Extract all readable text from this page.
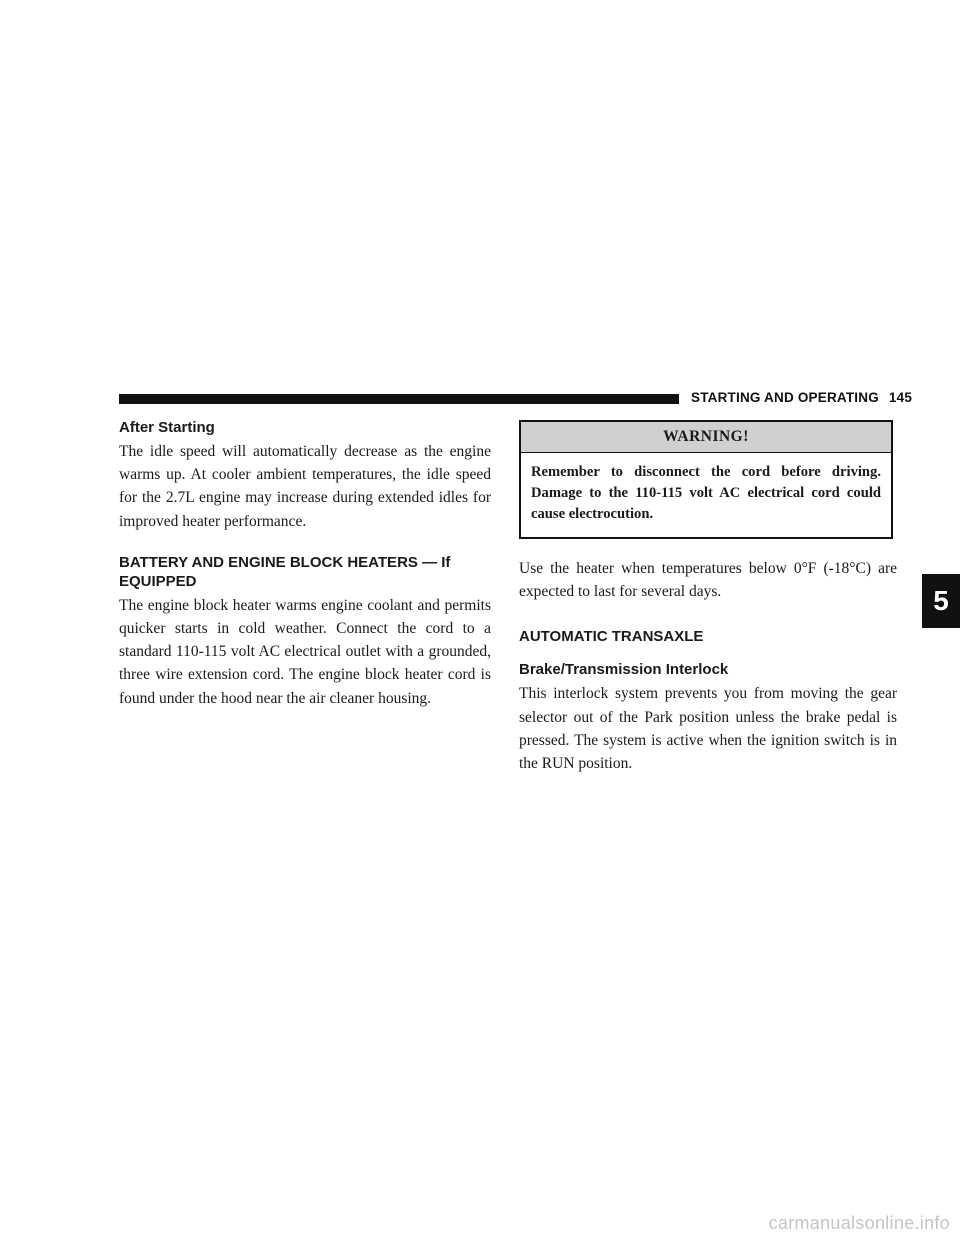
STARTING AND OPERATING 145
After Starting

The idle speed will automatically decrease as the engine warms up. At cooler ambient temperatures, the idle speed for the 2.7L engine may increase during extended idles for improved heater performance.

BATTERY AND ENGINE BLOCK HEATERS — If EQUIPPED

The engine block heater warms engine coolant and permits quicker starts in cold weather. Connect the cord to a standard 110-115 volt AC electrical outlet with a grounded, three wire extension cord. The engine block heater cord is found under the hood near the air cleaner housing.

WARNING!
Remember to disconnect the cord before driving. Damage to the 110-115 volt AC electrical cord could cause electrocution.

Use the heater when temperatures below 0°F (-18°C) are expected to last for several days.

AUTOMATIC TRANSAXLE
Brake/Transmission Interlock

This interlock system prevents you from moving the gear selector out of the Park position unless the brake pedal is pressed. The system is active when the ignition switch is in the RUN position.

5
carmanualsonline.info
